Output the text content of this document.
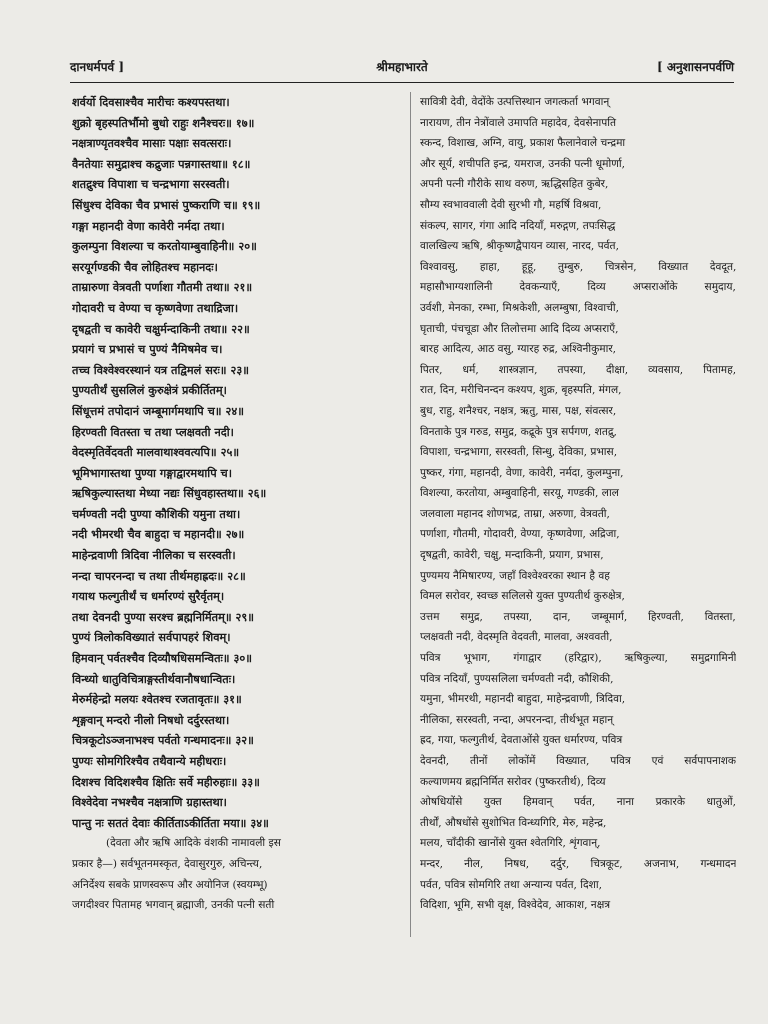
दानधर्मपर्व ]	श्रीमहाभारते	[ अनुशासनपर्वणि
शर्वर्यो दिवसाश्चैव मारीचः कश्यपस्तथा।
शुक्रो बृहस्पतिर्भौमो बुधो राहुः शनैश्चरः॥ १७॥
नक्षत्राण्यृतवश्चैव मासाः पक्षाः सवत्सराः।
वैनतेयाः समुद्राश्च कद्रुजाः पन्नगास्तथा॥ १८॥
शतद्रुश्च विपाशा च चन्द्रभागा सरस्वती।
सिंधुश्च देविका चैव प्रभासं पुष्कराणि च॥ १९॥
गङ्गा महानदी वेणा कावेरी नर्मदा तथा।
कुलम्पुना विशल्या च करतोयाम्बुवाहिनी॥ २०॥
सरयूर्गण्डकी चैव लोहितश्च महानदः।
ताम्रारुणा वेत्रवती पर्णाशा गौतमी तथा॥ २१॥
गोदावरी च वेण्या च कृष्णवेणा तथाद्रिजा।
दृषद्वती च कावेरी चक्षुर्मन्दाकिनी तथा॥ २२॥
प्रयागं च प्रभासं च पुण्यं नैमिषमेव च।
तच्च विश्वेश्वरस्थानं यत्र तद्विमलं सरः॥ २३॥
पुण्यतीर्थं सुसलिलं कुरुक्षेत्रं प्रकीर्तितम्।
सिंधूत्तमं तपोदानं जम्बूमार्गमथापि च॥ २४॥
हिरण्वती वितस्ता च तथा प्लक्षवती नदी।
वेदस्मृतिर्वेदवती मालवाथाश्ववत्यपि॥ २५॥
भूमिभागास्तथा पुण्या गङ्गाद्वारमथापि च।
ऋषिकुल्यास्तथा मेध्या नद्यः सिंधुवहास्तथा॥ २६॥
चर्मण्वती नदी पुण्या कौशिकी यमुना तथा।
नदी भीमरथी चैव बाहुदा च महानदी॥ २७॥
माहेन्द्रवाणी त्रिदिवा नीलिका च सरस्वती।
नन्दा चापरनन्दा च तथा तीर्थमहाह्रदः॥ २८॥
गयाथ फल्गुतीर्थं च धर्मारण्यं सुरैर्वृतम्।
तथा देवनदी पुण्या सरश्च ब्रह्मनिर्मितम्॥ २९॥
पुण्यं त्रिलोकविख्यातं सर्वपापहरं शिवम्।
हिमवान् पर्वतश्चैव दिव्यौषधिसमन्वितः॥ ३०॥
विन्ध्यो धातुविचित्राङ्गस्तीर्थवानौषधान्वितः।
मेरुर्महेन्द्रो मलयः श्वेतश्च रजतावृतः॥ ३१॥
शृङ्गवान् मन्दरो नीलो निषधो दर्दुरस्तथा।
चित्रकूटोऽञ्जनाभश्च पर्वतो गन्धमादनः॥ ३२॥
पुण्यः सोमगिरिश्चैव तथैवान्ये महीधराः।
दिशश्च विदिशश्चैव क्षितिः सर्वे महीरुहाः॥ ३३॥
विश्वेदेवा नभश्चैव नक्षत्राणि ग्रहास्तथा।
पान्तु नः सततं देवाः कीर्तिताऽकीर्तिता मया॥ ३४॥
(देवता और ऋषि आदिके वंशकी नामावली इस
प्रकार है—) सर्वभूतनमस्कृत, देवासुरगुरु, अचिन्त्य,
अनिर्देश्य सबके प्राणस्वरूप और अयोनिज (स्वयम्भू)
जगदीश्वर पितामह भगवान् ब्रह्माजी, उनकी पत्नी सती
सावित्री देवी, वेदोंके उत्पत्तिस्थान जगत्कर्ता भगवान्
नारायण, तीन नेत्रोंवाले उमापति महादेव, देवसेनापति
स्कन्द, विशाख, अग्नि, वायु, प्रकाश फैलानेवाले चन्द्रमा
और सूर्य, शचीपति इन्द्र, यमराज, उनकी पत्नी धूमोर्णा,
अपनी पत्नी गौरीके साथ वरुण, ऋद्धिसहित कुबेर,
सौम्य स्वभाववाली देवी सुरभी गौ, महर्षि विश्रवा,
संकल्प, सागर, गंगा आदि नदियाँ, मरुद्गण, तपःसिद्ध
वालखिल्य ऋषि, श्रीकृष्णद्वैपायन व्यास, नारद, पर्वत,
विश्वावसु, हाहा, हूहू, तुम्बुरु, चित्रसेन, विख्यात देवदूत,
महासौभाग्यशालिनी देवकन्याएँ, दिव्य अप्सराओंके समुदाय,
उर्वशी, मेनका, रम्भा, मिश्रकेशी, अलम्बुषा, विश्वाची,
घृताची, पंचचूडा और तिलोत्तमा आदि दिव्य अप्सराएँ,
बारह आदित्य, आठ वसु, ग्यारह रुद्र, अश्विनीकुमार,
पितर, धर्म, शास्त्रज्ञान, तपस्या, दीक्षा, व्यवसाय, पितामह,
रात, दिन, मरीचिनन्दन कश्यप, शुक्र, बृहस्पति, मंगल,
बुध, राहु, शनैश्चर, नक्षत्र, ऋतु, मास, पक्ष, संवत्सर,
विनताके पुत्र गरुड, समुद्र, कद्रूके पुत्र सर्पगण, शतद्रु,
विपाशा, चन्द्रभागा, सरस्वती, सिन्धु, देविका, प्रभास,
पुष्कर, गंगा, महानदी, वेणा, कावेरी, नर्मदा, कुलम्पुना,
विशल्या, करतोया, अम्बुवाहिनी, सरयू, गण्डकी, लाल
जलवाला महानद शोणभद्र, ताम्रा, अरुणा, वेत्रवती,
पर्णाशा, गौतमी, गोदावरी, वेण्या, कृष्णवेणा, अद्रिजा,
दृषद्वती, कावेरी, चक्षु, मन्दाकिनी, प्रयाग, प्रभास,
पुण्यमय नैमिषारण्य, जहाँ विश्वेश्वरका स्थान है वह
विमल सरोवर, स्वच्छ सलिलसे युक्त पुण्यतीर्थ कुरुक्षेत्र,
उत्तम समुद्र, तपस्या, दान, जम्बूमार्ग, हिरण्वती, वितस्ता,
प्लक्षवती नदी, वेदस्मृति वेदवती, मालवा, अश्ववती,
पवित्र भूभाग, गंगाद्वार (हरिद्वार), ऋषिकुल्या, समुद्रगामिनी
पवित्र नदियाँ, पुण्यसलिला चर्मण्वती नदी, कौशिकी,
यमुना, भीमरथी, महानदी बाहुदा, माहेन्द्रवाणी, त्रिदिवा,
नीलिका, सरस्वती, नन्दा, अपरनन्दा, तीर्थभूत महान्
ह्रद, गया, फल्गुतीर्थ, देवताओंसे युक्त धर्मारण्य, पवित्र
देवनदी, तीनों लोकोंमें विख्यात, पवित्र एवं सर्वपापनाशक
कल्याणमय ब्रह्मनिर्मित सरोवर (पुष्करतीर्थ), दिव्य
ओषधियोंसे युक्त हिमवान् पर्वत, नाना प्रकारके धातुओं,
तीर्थों, औषधोंसे सुशोभित विन्ध्यगिरि, मेरु, महेन्द्र,
मलय, चाँदीकी खानोंसे युक्त श्वेतगिरि, शृंगवान्,
मन्दर, नील, निषध, दर्दुर, चित्रकूट, अजनाभ, गन्धमादन
पर्वत, पवित्र सोमगिरि तथा अन्यान्य पर्वत, दिशा,
विदिशा, भूमि, सभी वृक्ष, विश्वेदेव, आकाश, नक्षत्र
